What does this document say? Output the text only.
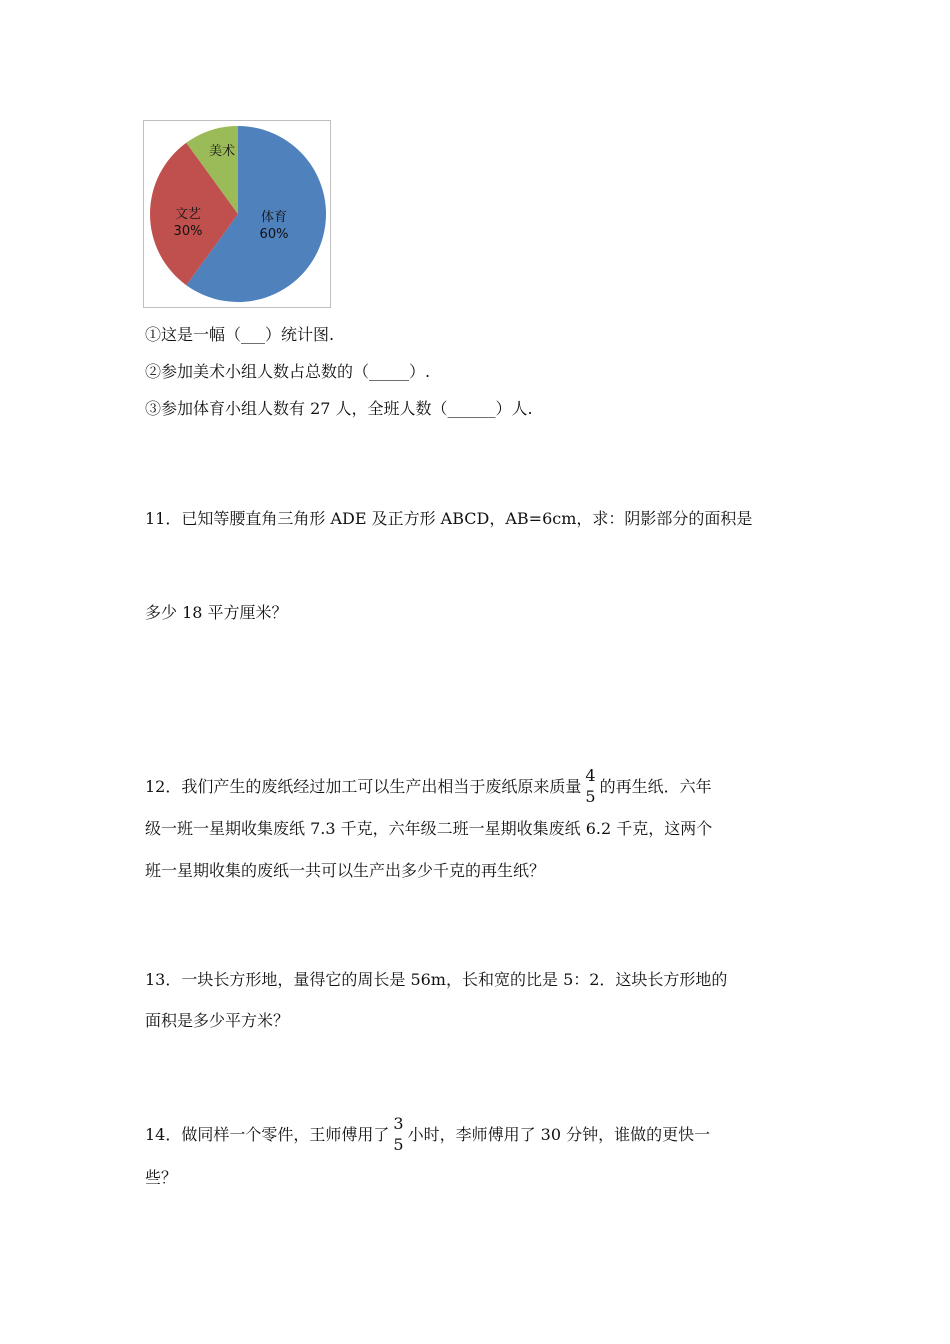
美术
文艺
30%
体育
60%
①这是一幅（___）统计图.
②参加美术小组人数占总数的（_____）.
③参加体育小组人数有 27 人，全班人数（______）人.
11．已知等腰直角三角形 ADE 及正方形 ABCD，AB=6cm，求：阴影部分的面积是
多少 18 平方厘米？
12．我们产生的废纸经过加工可以生产出相当于废纸原来质量
4
5 的再生纸．六年
级一班一星期收集废纸 7.3 千克，六年级二班一星期收集废纸 6.2 千克，这两个
班一星期收集的废纸一共可以生产出多少千克的再生纸？
13．一块长方形地，量得它的周长是 56m，长和宽的比是 5：2．这块长方形地的
面积是多少平方米？
14．做同样一个零件，王师傅用了
3
5 小时，李师傅用了 30 分钟，谁做的更快一
些？
